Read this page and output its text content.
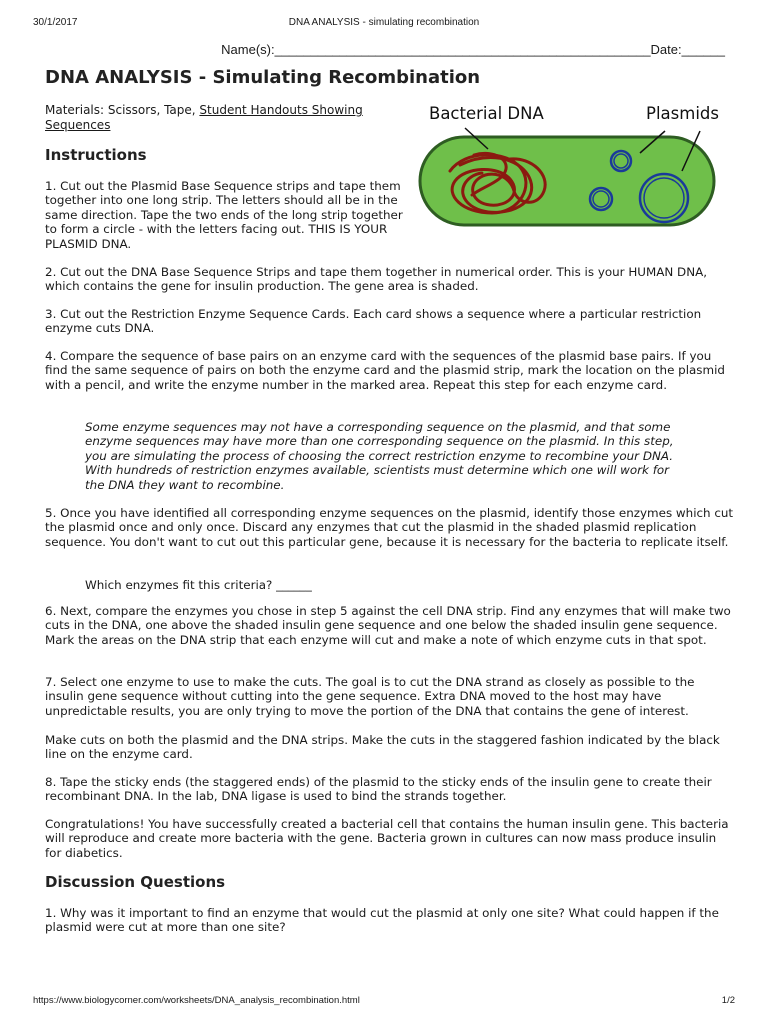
30/1/2017	DNA ANALYSIS - simulating recombination
Name(s):____________________________________________________Date:______
DNA ANALYSIS - Simulating Recombination
Materials: Scissors, Tape, Student Handouts Showing Sequences
Bacterial DNA	Plasmids
Instructions

1. Cut out the Plasmid Base Sequence strips and tape them together into one long strip. The letters should all be in the same direction. Tape the two ends of the long strip together to form a circle - with the letters facing out. THIS IS YOUR PLASMID DNA.

2. Cut out the DNA Base Sequence Strips and tape them together in numerical order. This is your HUMAN DNA, which contains the gene for insulin production. The gene area is shaded.

3. Cut out the Restriction Enzyme Sequence Cards. Each card shows a sequence where a particular restriction enzyme cuts DNA.

4. Compare the sequence of base pairs on an enzyme card with the sequences of the plasmid base pairs. If you find the same sequence of pairs on both the enzyme card and the plasmid strip, mark the location on the plasmid with a pencil, and write the enzyme number in the marked area. Repeat this step for each enzyme card.

Some enzyme sequences may not have a corresponding sequence on the plasmid, and that some enzyme sequences may have more than one corresponding sequence on the plasmid. In this step, you are simulating the process of choosing the correct restriction enzyme to recombine your DNA. With hundreds of restriction enzymes available, scientists must determine which one will work for the DNA they want to recombine.

5. Once you have identified all corresponding enzyme sequences on the plasmid, identify those enzymes which cut the plasmid once and only once. Discard any enzymes that cut the plasmid in the shaded plasmid replication sequence. You don't want to cut out this particular gene, because it is necessary for the bacteria to replicate itself.

Which enzymes fit this criteria? ______

6. Next, compare the enzymes you chose in step 5 against the cell DNA strip. Find any enzymes that will make two cuts in the DNA, one above the shaded insulin gene sequence and one below the shaded insulin gene sequence. Mark the areas on the DNA strip that each enzyme will cut and make a note of which enzyme cuts in that spot.

7. Select one enzyme to use to make the cuts. The goal is to cut the DNA strand as closely as possible to the insulin gene sequence without cutting into the gene sequence. Extra DNA moved to the host may have unpredictable results, you are only trying to move the portion of the DNA that contains the gene of interest.

Make cuts on both the plasmid and the DNA strips. Make the cuts in the staggered fashion indicated by the black line on the enzyme card.

8. Tape the sticky ends (the staggered ends) of the plasmid to the sticky ends of the insulin gene to create their recombinant DNA. In the lab, DNA ligase is used to bind the strands together.

Congratulations! You have successfully created a bacterial cell that contains the human insulin gene. This bacteria will reproduce and create more bacteria with the gene. Bacteria grown in cultures can now mass produce insulin for diabetics.

Discussion Questions

1. Why was it important to find an enzyme that would cut the plasmid at only one site? What could happen if the plasmid were cut at more than one site?

https://www.biologycorner.com/worksheets/DNA_analysis_recombination.html	1/2
